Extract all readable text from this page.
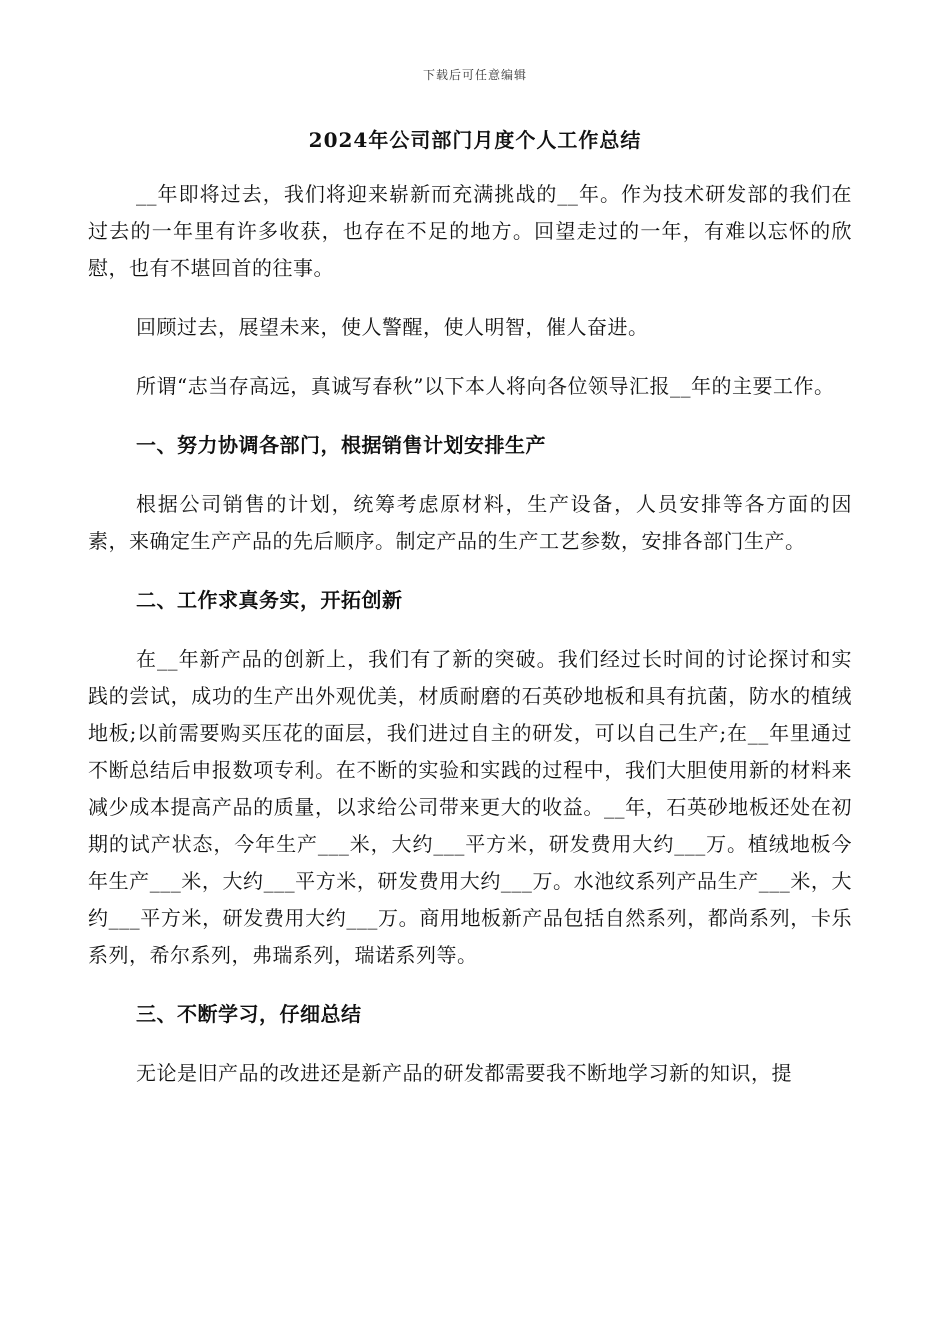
下载后可任意编辑
2024年公司部门月度个人工作总结

__年即将过去，我们将迎来崭新而充满挑战的__年。作为技术研发部的我们在过去的一年里有许多收获，也存在不足的地方。回望走过的一年，有难以忘怀的欣慰，也有不堪回首的往事。

回顾过去，展望未来，使人警醒，使人明智，催人奋进。

所谓“志当存高远，真诚写春秋”以下本人将向各位领导汇报__年的主要工作。

一、努力协调各部门，根据销售计划安排生产

根据公司销售的计划，统筹考虑原材料，生产设备，人员安排等各方面的因素，来确定生产产品的先后顺序。制定产品的生产工艺参数，安排各部门生产。

二、工作求真务实，开拓创新

在__年新产品的创新上，我们有了新的突破。我们经过长时间的讨论探讨和实践的尝试，成功的生产出外观优美，材质耐磨的石英砂地板和具有抗菌，防水的植绒地板;以前需要购买压花的面层，我们进过自主的研发，可以自己生产;在__年里通过不断总结后申报数项专利。在不断的实验和实践的过程中，我们大胆使用新的材料来减少成本提高产品的质量，以求给公司带来更大的收益。__年，石英砂地板还处在初期的试产状态，今年生产___米，大约___平方米，研发费用大约___万。植绒地板今年生产___米，大约___平方米，研发费用大约___万。水池纹系列产品生产___米，大约___平方米，研发费用大约___万。商用地板新产品包括自然系列，都尚系列，卡乐系列，希尔系列，弗瑞系列，瑞诺系列等。

三、不断学习，仔细总结

无论是旧产品的改进还是新产品的研发都需要我不断地学习新的知识，提
